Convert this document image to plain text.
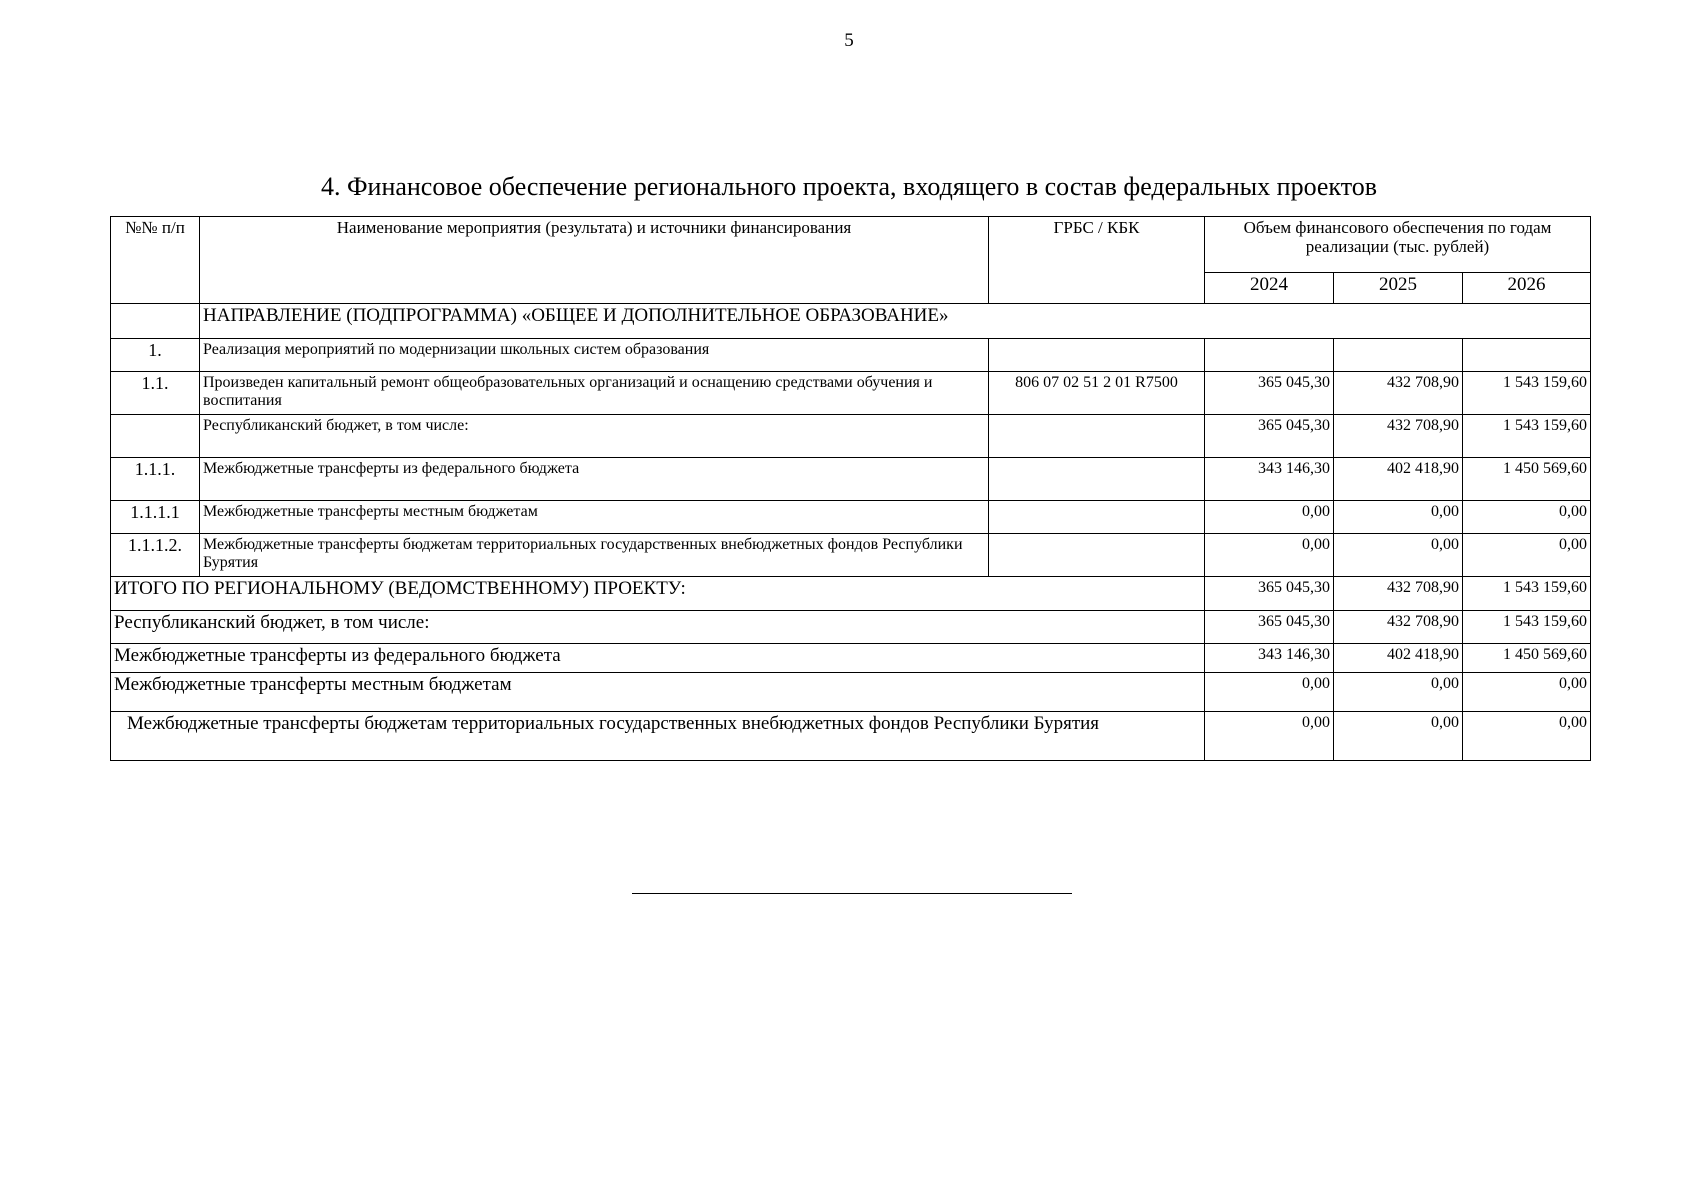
5
4. Финансовое обеспечение регионального проекта, входящего в состав федеральных проектов
№№ п/п	Наименование мероприятия (результата) и источники финансирования	ГРБС / КБК	Объем финансового обеспечения по годам реализации (тыс. рублей)		
			2024	2025	2026
	НАПРАВЛЕНИЕ (ПОДПРОГРАММА) «ОБЩЕЕ И ДОПОЛНИТЕЛЬНОЕ ОБРАЗОВАНИЕ»				
1.	Реализация мероприятий по модернизации школьных систем образования				
1.1.	Произведен капитальный ремонт общеобразовательных организаций и оснащению средствами обучения и воспитания	806 07 02 51 2 01 R7500	365 045,30	432 708,90	1 543 159,60
	Республиканский бюджет, в том числе:		365 045,30	432 708,90	1 543 159,60
1.1.1.	Межбюджетные трансферты из федерального бюджета		343 146,30	402 418,90	1 450 569,60
1.1.1.1	Межбюджетные трансферты местным бюджетам		0,00	0,00	0,00
1.1.1.2.	Межбюджетные трансферты бюджетам территориальных государственных внебюджетных фондов Республики Бурятия		0,00	0,00	0,00
ИТОГО ПО РЕГИОНАЛЬНОМУ (ВЕДОМСТВЕННОМУ) ПРОЕКТУ:			365 045,30	432 708,90	1 543 159,60
Республиканский бюджет, в том числе:			365 045,30	432 708,90	1 543 159,60
Межбюджетные трансферты из федерального бюджета			343 146,30	402 418,90	1 450 569,60
Межбюджетные трансферты местным бюджетам			0,00	0,00	0,00
Межбюджетные трансферты бюджетам территориальных государственных внебюджетных фондов Республики Бурятия			0,00	0,00	0,00
